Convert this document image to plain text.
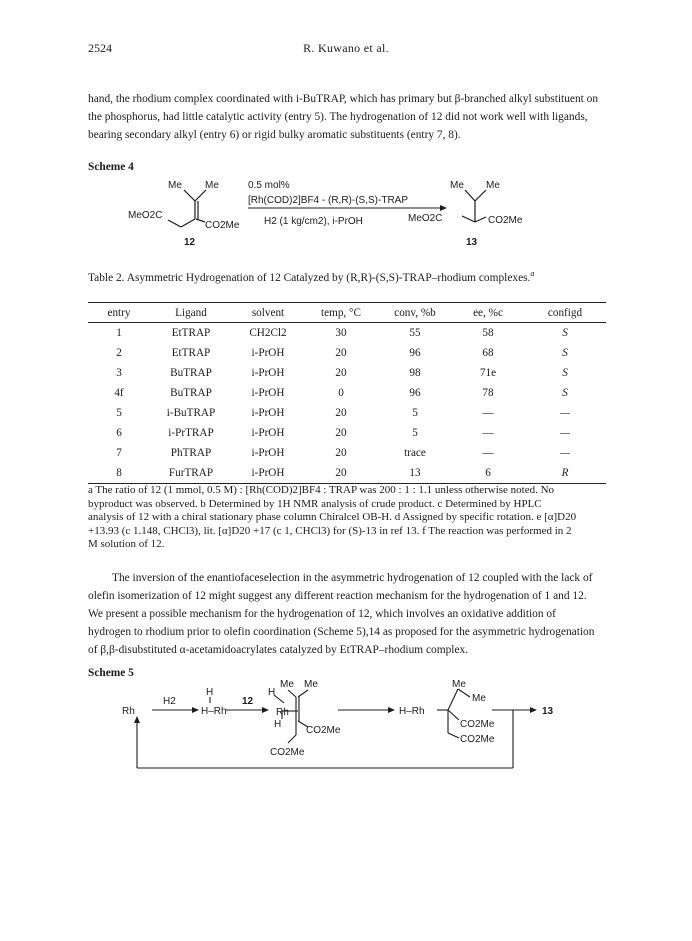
2524	R. Kuwano et al.
hand, the rhodium complex coordinated with i-BuTRAP, which has primary but β-branched alkyl substituent on
the phosphorus, had little catalytic activity (entry 5). The hydrogenation of 12 did not work well with ligands,
bearing secondary alkyl (entry 6) or rigid bulky aromatic substituents (entry 7, 8).
Scheme 4
Me Me
MeO2C
CO2Me
12
0.5 mol%
[Rh(COD)2]BF4 - (R,R)-(S,S)-TRAP
H2 (1 kg/cm2), i-PrOH
Me Me
MeO2C	CO2Me
13
Table 2. Asymmetric Hydrogenation of 12 Catalyzed by (R,R)-(S,S)-TRAP–rhodium complexes.$^a$
entry	Ligand	solvent	temp, °C	conv, %b	ee, %c	configd
1	EtTRAP	CH2Cl2	30	55	58	S
2	EtTRAP	i-PrOH	20	96	68	S
3	BuTRAP	i-PrOH	20	98	71e	S
4f	BuTRAP	i-PrOH	0	96	78	S
5	i-BuTRAP	i-PrOH	20	5	—	—
6	i-PrTRAP	i-PrOH	20	5	—	—
7	PhTRAP	i-PrOH	20	trace	—	—
8	FurTRAP	i-PrOH	20	13	6	R
a The ratio of 12 (1 mmol, 0.5 M) : [Rh(COD)2]BF4 : TRAP was 200 : 1 : 1.1 unless otherwise noted. No
byproduct was observed. b Determined by 1H NMR analysis of crude product. c Determined by HPLC
analysis of 12 with a chiral stationary phase column Chiralcel OB-H. d Assigned by specific rotation. e [α]D20
+13.93 (c 1.148, CHCl3), lit. [α]D20 +17 (c 1, CHCl3) for (S)-13 in ref 13. f The reaction was performed in 2
M solution of 12.
The inversion of the enantiofaceselection in the asymmetric hydrogenation of 12 coupled with the lack of
olefin isomerization of 12 might suggest any different reaction mechanism for the hydrogenation of 1 and 12.
We present a possible mechanism for the hydrogenation of 12, which involves an oxidative addition of
hydrogen to rhodium prior to olefin coordination (Scheme 5),14 as proposed for the asymmetric hydrogenation
of β,β-disubstituted α-acetamidoacrylates catalyzed by EtTRAP–rhodium complex.
Scheme 5
Rh
H2
H
H–Rh
12
H
Me Me
Rh
H
CO2Me
CO2Me
H–Rh
Me
Me
CO2Me
CO2Me
13
